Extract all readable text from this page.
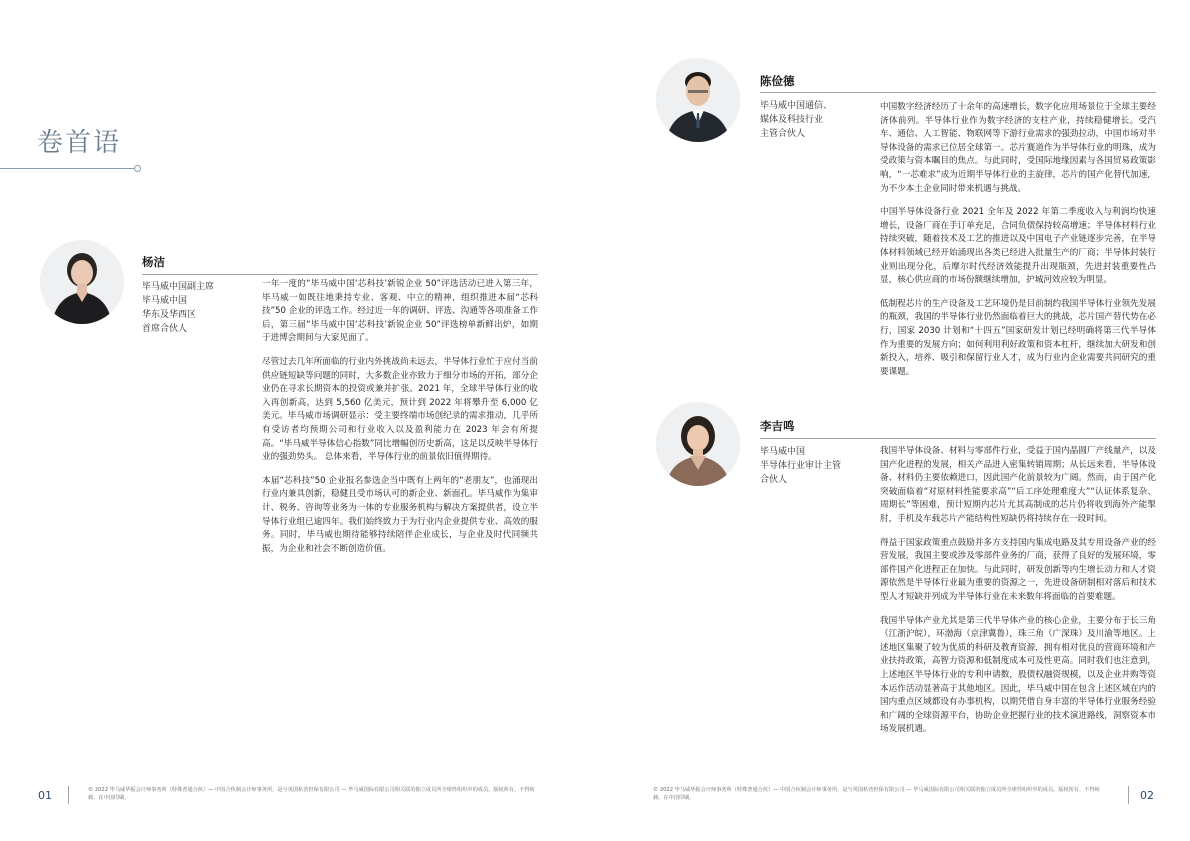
卷首语
杨洁
毕马威中国副主席
毕马威中国
华东及华西区
首席合伙人

一年一度的“毕马威中国‘芯科技’新锐企业 50”评选活动已进入第三年，毕马威一如既往地秉持专业、客观、中立的精神，组织推进本届“芯科技”50 企业的评选工作。经过近一年的调研、评选、沟通等各项准备工作后，第三届“毕马威中国‘芯科技’新锐企业 50”评选榜单新鲜出炉，如期于进博会期间与大家见面了。

尽管过去几年所面临的行业内外挑战尚未远去，半导体行业忙于应付当前供应链短缺等问题的同时，大多数企业亦致力于细分市场的开拓，部分企业仍在寻求长期资本的投资或兼并扩张。2021 年，全球半导体行业的收入再创新高，达到 5,560 亿美元，预计到 2022 年将攀升至 6,000 亿美元。毕马威市场调研显示：受主要终端市场创纪录的需求推动，几乎所有受访者均预期公司和行业收入以及盈利能力在 2023 年会有所提高。“毕马威半导体信心指数”同比增幅创历史新高，这足以反映半导体行业的强劲势头。 总体来看，半导体行业的前景依旧值得期待。

本届“芯科技”50 企业报名参选企当中既有上两年的“老朋友”，也涌现出行业内兼具创新，稳健且受市场认可的新企业、新面孔。毕马威作为集审计、税务、咨询等业务为一体的专业服务机构与解决方案提供者，设立半导体行业组已逾四年。我们始终致力于为行业内企业提供专业、高效的服务。同时，毕马威也期待能够持续陪伴企业成长，与企业及时代同频共振，为企业和社会不断创造价值。

陈俭德
毕马威中国通信、
媒体及科技行业
主管合伙人

中国数字经济经历了十余年的高速增长，数字化应用场景位于全球主要经济体前列。半导体行业作为数字经济的支柱产业，持续稳健增长。受汽车、通信、人工智能、物联网等下游行业需求的强劲拉动，中国市场对半导体设备的需求已位居全球第一。芯片赛道作为半导体行业的明珠，成为受政策与资本瞩目的焦点。与此同时，受国际地缘因素与各国贸易政策影响，“一芯难求”成为近期半导体行业的主旋律，芯片的国产化替代加速，为不少本土企业同时带来机遇与挑战。

中国半导体设备行业 2021 全年及 2022 年第二季度收入与利润均快速增长，设备厂商在手订单充足，合同负债保持较高增速；半导体材料行业持续突破，随着技术及工艺的推进以及中国电子产业链逐步完善，在半导体材料领域已经开始涌现出各类已经进入批量生产的厂商；半导体封装行业则出现分化，后摩尔时代经济效能提升出现瓶颈，先进封装重要性凸显，核心供应商的市场份额继续增加，护城河效应较为明显。

低制程芯片的生产设备及工艺环境仍是目前制约我国半导体行业领先发展的瓶颈，我国的半导体行业仍然面临着巨大的挑战，芯片国产替代势在必行，国家 2030 计划和“十四五”国家研发计划已经明确将第三代半导体作为重要的发展方向；如何利用利好政策和资本杠杆，继续加大研发和创新投入，培养、吸引和保留行业人才，成为行业内企业需要共同研究的重要课题。

李吉鸣
毕马威中国
半导体行业审计主管
合伙人

我国半导体设备、材料与零部件行业，受益于国内晶圆厂产线量产，以及国产化进程的发展，相关产品进入密集转销周期；从长远来看，半导体设备、材料仍主要依赖进口，因此国产化前景较为广阔。然而，由于国产化突破面临着“对原材料性能要求高”“后工序处理难度大”“认证体系复杂、周期长”等困难，预计短期内芯片尤其高制成的芯片仍将收到海外产能掣肘，手机及车载芯片产能结构性短缺仍将持续存在一段时间。

得益于国家政策重点鼓励并多方支持国内集成电路及其专用设备产业的经营发展，我国主要或涉及零部件业务的厂商，获得了良好的发展环境，零部件国产化进程正在加快。与此同时，研发创新等内生增长动力和人才资源依然是半导体行业最为重要的资源之一，先进设备研制相对落后和技术型人才短缺并列成为半导体行业在未来数年将面临的首要难题。

我国半导体产业尤其是第三代半导体产业的核心企业，主要分布于长三角（江浙沪皖），环渤海（京津冀鲁），珠三角（广深珠）及川渝等地区。上述地区集聚了较为优质的科研及教育资源，拥有相对优良的营商环境和产业扶持政策，高智力资源和低制度成本可及性更高。同时我们也注意到，上述地区半导体行业的专利申请数，股债权融资规模，以及企业并购等资本运作活动显著高于其他地区。因此，毕马威中国在包含上述区域在内的国内重点区域都设有办事机构，以期凭借自身丰富的半导体行业服务经验和广阔的全球资源平台，协助企业把握行业的技术演进路线，洞察资本市场发展机遇。

01	© 2022 毕马威华振会计师事务所（特殊普通合伙）— 中国合伙制会计师事务所，是与英国私营担保有限公司 — 毕马威国际有限公司相关联的独立成员所全球性组织中的成员。版权所有，不得转载。在中国印刷。
© 2022 毕马威华振会计师事务所（特殊普通合伙）— 中国合伙制会计师事务所，是与英国私营担保有限公司 — 毕马威国际有限公司相关联的独立成员所全球性组织中的成员。版权所有，不得转载。在中国印刷。	02
